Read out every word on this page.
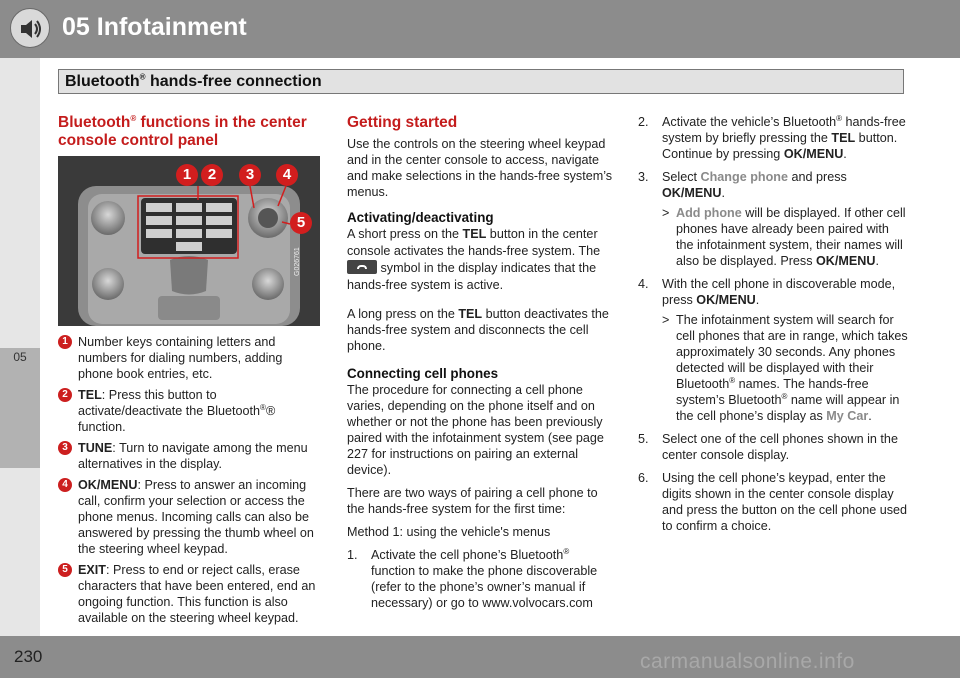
05 Infotainment
Bluetooth® hands-free connection
05
Bluetooth® functions in the center console control panel
1	2	3	4
5
G026761
1 Number keys containing letters and numbers for dialing numbers, adding phone book entries, etc.
2 TEL: Press this button to activate/deactivate the Bluetooth®® function.
3 TUNE: Turn to navigate among the menu alternatives in the display.
4 OK/MENU: Press to answer an incoming call, confirm your selection or access the phone menus. Incoming calls can also be answered by pressing the thumb wheel on the steering wheel keypad.
5 EXIT: Press to end or reject calls, erase characters that have been entered, end an ongoing function. This function is also available on the steering wheel keypad.
Getting started

Use the controls on the steering wheel keypad and in the center console to access, navigate and make selections in the hands-free system’s menus.

Activating/deactivating

A short press on the TEL button in the center console activates the hands-free system. The  symbol in the display indicates that the hands-free system is active.

A long press on the TEL button deactivates the hands-free system and disconnects the cell phone.

Connecting cell phones

The procedure for connecting a cell phone varies, depending on the phone itself and on whether or not the phone has been previously paired with the infotainment system (see page 227 for instructions on pairing an external device).

There are two ways of pairing a cell phone to the hands-free system for the first time:

Method 1: using the vehicle's menus

1. Activate the cell phone’s Bluetooth® function to make the phone discoverable (refer to the phone’s owner’s manual if necessary) or go to www.volvocars.com
2. Activate the vehicle’s Bluetooth® hands-free system by briefly pressing the TEL button. Continue by pressing OK/MENU.
3. Select Change phone and press OK/MENU.
> Add phone will be displayed. If other cell phones have already been paired with the infotainment system, their names will also be displayed. Press OK/MENU.
4. With the cell phone in discoverable mode, press OK/MENU.
> The infotainment system will search for cell phones that are in range, which takes approximately 30 seconds. Any phones detected will be displayed with their Bluetooth® names. The hands-free system’s Bluetooth® name will appear in the cell phone’s display as My Car.
5. Select one of the cell phones shown in the center console display.
6. Using the cell phone’s keypad, enter the digits shown in the center console display and press the button on the cell phone used to confirm a choice.
230	carmanualsonline.info
